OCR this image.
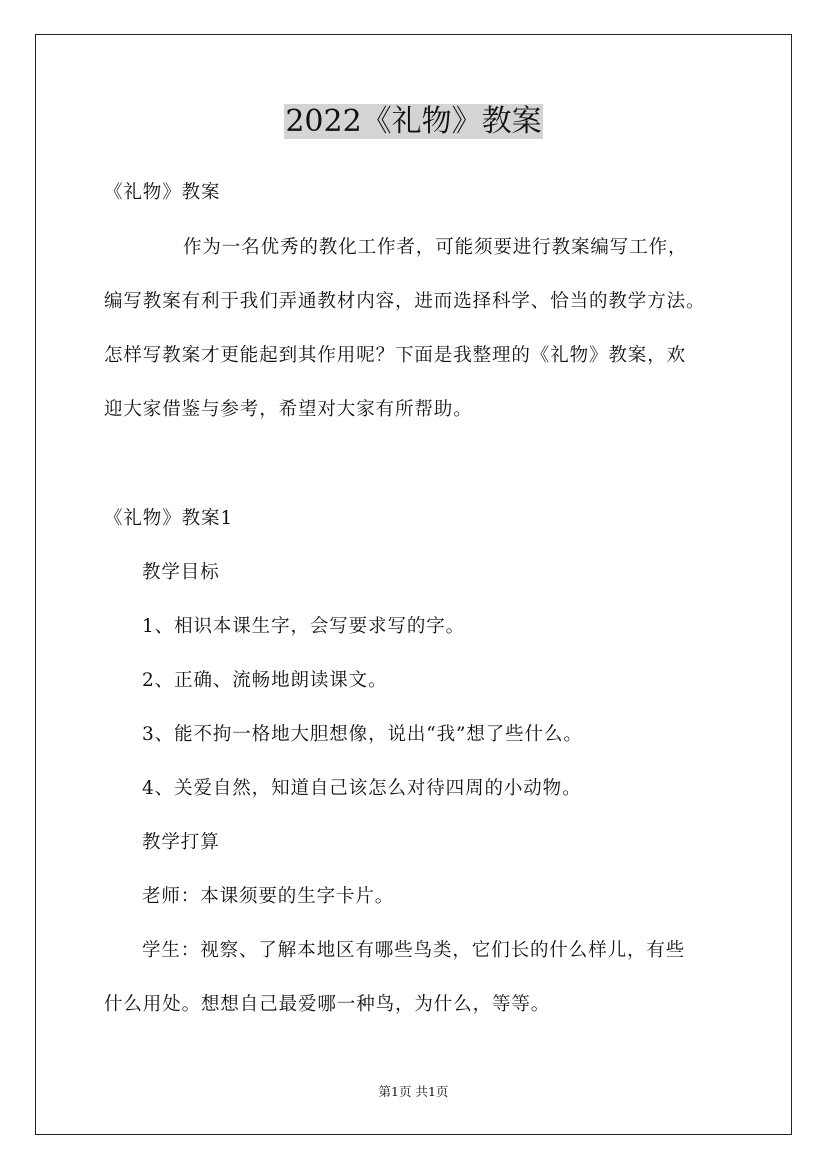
2022《礼物》教案
《礼物》教案
作为一名优秀的教化工作者，可能须要进行教案编写工作，
编写教案有利于我们弄通教材内容，进而选择科学、恰当的教学方法。
怎样写教案才更能起到其作用呢？下面是我整理的《礼物》教案，欢
迎大家借鉴与参考，希望对大家有所帮助。
《礼物》教案1
教学目标
1、相识本课生字，会写要求写的字。
2、正确、流畅地朗读课文。
3、能不拘一格地大胆想像，说出“我”想了些什么。
4、关爱自然，知道自己该怎么对待四周的小动物。
教学打算
老师：本课须要的生字卡片。
学生：视察、了解本地区有哪些鸟类，它们长的什么样儿，有些
什么用处。想想自己最爱哪一种鸟，为什么，等等。
第1页 共1页
